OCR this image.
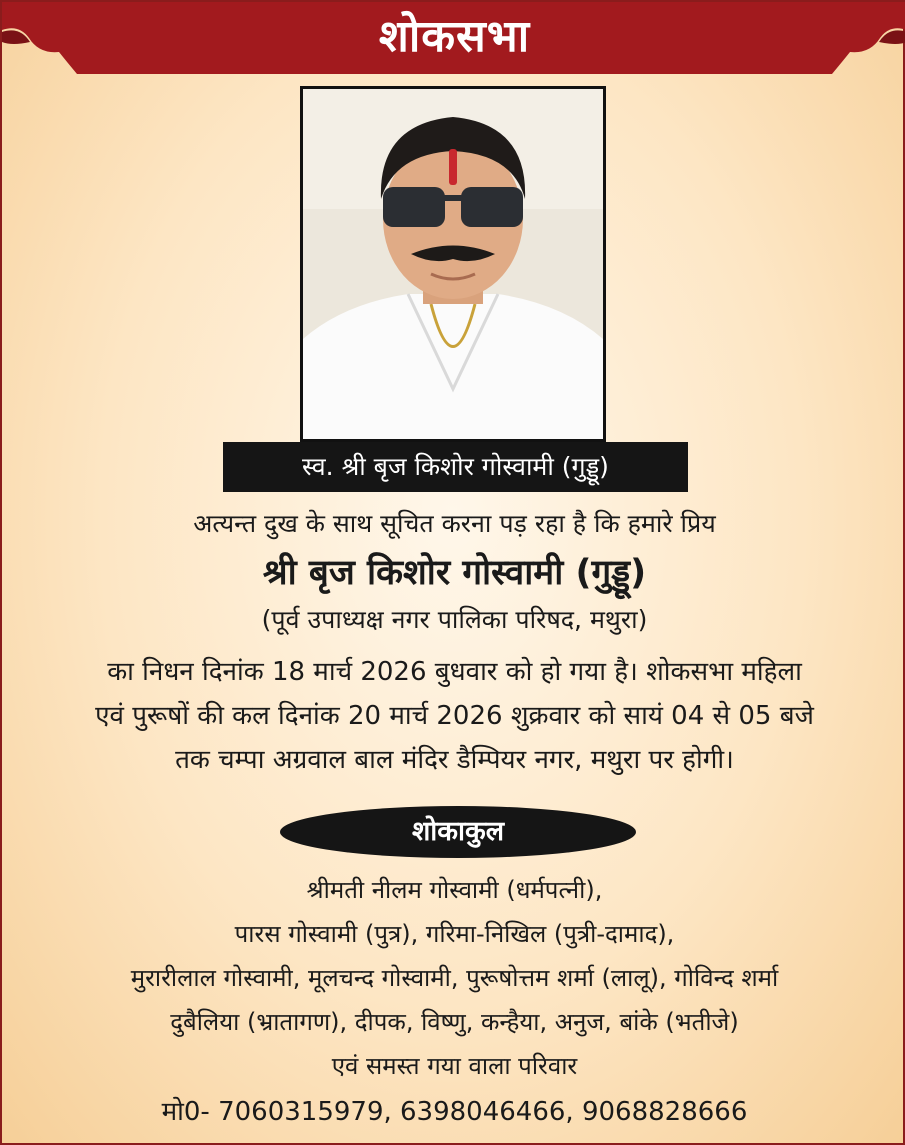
शोकसभा
स्व. श्री बृज किशोर गोस्वामी (गुड्डू)
अत्यन्त दुख के साथ सूचित करना पड़ रहा है कि हमारे प्रिय
श्री बृज किशोर गोस्वामी (गुड्डू)
(पूर्व उपाध्यक्ष नगर पालिका परिषद, मथुरा)
का निधन दिनांक 18 मार्च 2026 बुधवार को हो गया है। शोकसभा महिला
एवं पुरूषों की कल दिनांक 20 मार्च 2026 शुक्रवार को सायं 04 से 05 बजे
तक चम्पा अग्रवाल बाल मंदिर डैम्पियर नगर, मथुरा पर होगी।
शोकाकुल
श्रीमती नीलम गोस्वामी (धर्मपत्नी),
पारस गोस्वामी (पुत्र), गरिमा-निखिल (पुत्री-दामाद),
मुरारीलाल गोस्वामी, मूलचन्द गोस्वामी, पुरूषोत्तम शर्मा (लालू), गोविन्द शर्मा
दुबैलिया (भ्रातागण), दीपक, विष्णु, कन्हैया, अनुज, बांके (भतीजे)
एवं समस्त गया वाला परिवार
मो0- 7060315979, 6398046466, 9068828666
